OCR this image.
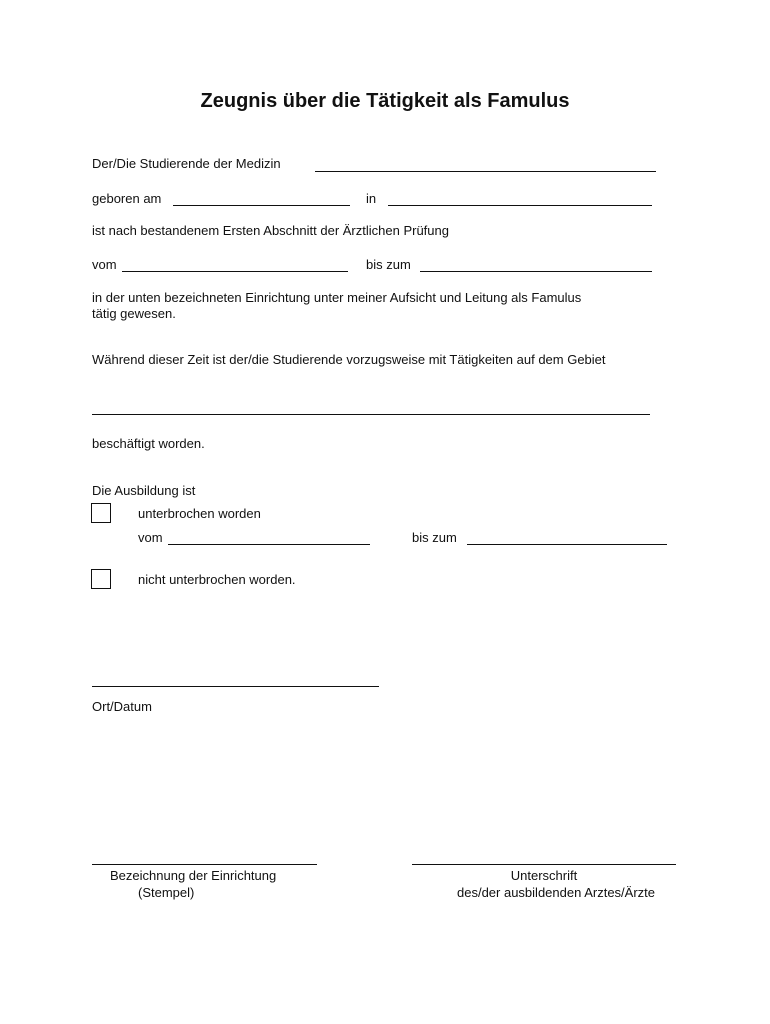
Zeugnis über die Tätigkeit als Famulus
Der/Die Studierende der Medizin
geboren am	in
ist nach bestandenem Ersten Abschnitt der Ärztlichen Prüfung
vom	bis zum
in der unten bezeichneten Einrichtung unter meiner Aufsicht und Leitung als Famulus
tätig gewesen.
Während dieser Zeit ist der/die Studierende vorzugsweise mit Tätigkeiten auf dem Gebiet
beschäftigt worden.
Die Ausbildung ist
unterbrochen worden
vom	bis zum
nicht unterbrochen worden.
Ort/Datum
Bezeichnung der Einrichtung
(Stempel)
Unterschrift
des/der ausbildenden Arztes/Ärzte
